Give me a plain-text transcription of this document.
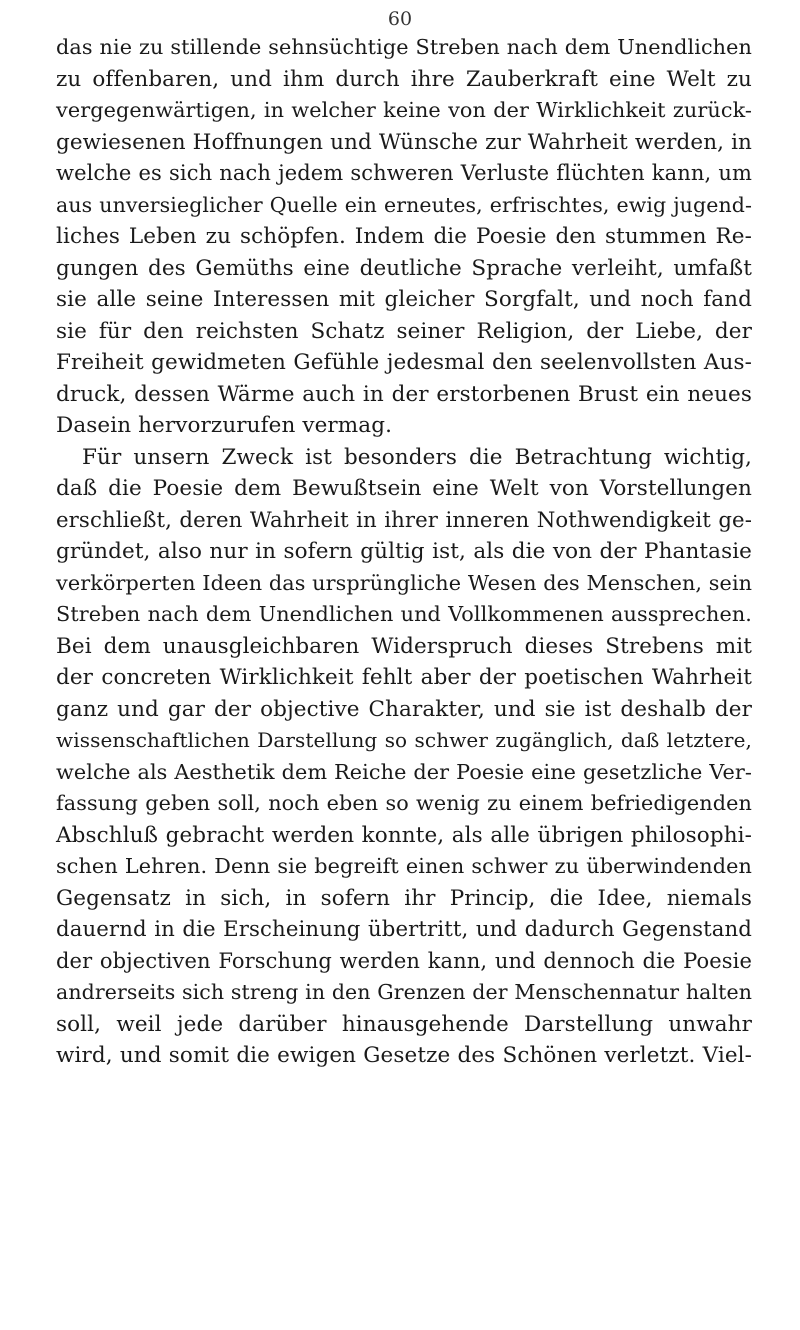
60
das nie zu stillende sehnsüchtige Streben nach dem Unendlichen
zu offenbaren, und ihm durch ihre Zauberkraft eine Welt zu
vergegenwärtigen, in welcher keine von der Wirklichkeit zurück-
gewiesenen Hoffnungen und Wünsche zur Wahrheit werden, in
welche es sich nach jedem schweren Verluste flüchten kann, um
aus unversieglicher Quelle ein erneutes, erfrischtes, ewig jugend-
liches Leben zu schöpfen. Indem die Poesie den stummen Re-
gungen des Gemüths eine deutliche Sprache verleiht, umfaßt
sie alle seine Interessen mit gleicher Sorgfalt, und noch fand
sie für den reichsten Schatz seiner Religion, der Liebe, der
Freiheit gewidmeten Gefühle jedesmal den seelenvollsten Aus-
druck, dessen Wärme auch in der erstorbenen Brust ein neues
Dasein hervorzurufen vermag.
Für unsern Zweck ist besonders die Betrachtung wichtig,
daß die Poesie dem Bewußtsein eine Welt von Vorstellungen
erschließt, deren Wahrheit in ihrer inneren Nothwendigkeit ge-
gründet, also nur in sofern gültig ist, als die von der Phantasie
verkörperten Ideen das ursprüngliche Wesen des Menschen, sein
Streben nach dem Unendlichen und Vollkommenen aussprechen.
Bei dem unausgleichbaren Widerspruch dieses Strebens mit
der concreten Wirklichkeit fehlt aber der poetischen Wahrheit
ganz und gar der objective Charakter, und sie ist deshalb der
wissenschaftlichen Darstellung so schwer zugänglich, daß letztere,
welche als Aesthetik dem Reiche der Poesie eine gesetzliche Ver-
fassung geben soll, noch eben so wenig zu einem befriedigenden
Abschluß gebracht werden konnte, als alle übrigen philosophi-
schen Lehren. Denn sie begreift einen schwer zu überwindenden
Gegensatz in sich, in sofern ihr Princip, die Idee, niemals
dauernd in die Erscheinung übertritt, und dadurch Gegenstand
der objectiven Forschung werden kann, und dennoch die Poesie
andrerseits sich streng in den Grenzen der Menschennatur halten
soll, weil jede darüber hinausgehende Darstellung unwahr
wird, und somit die ewigen Gesetze des Schönen verletzt. Viel-
